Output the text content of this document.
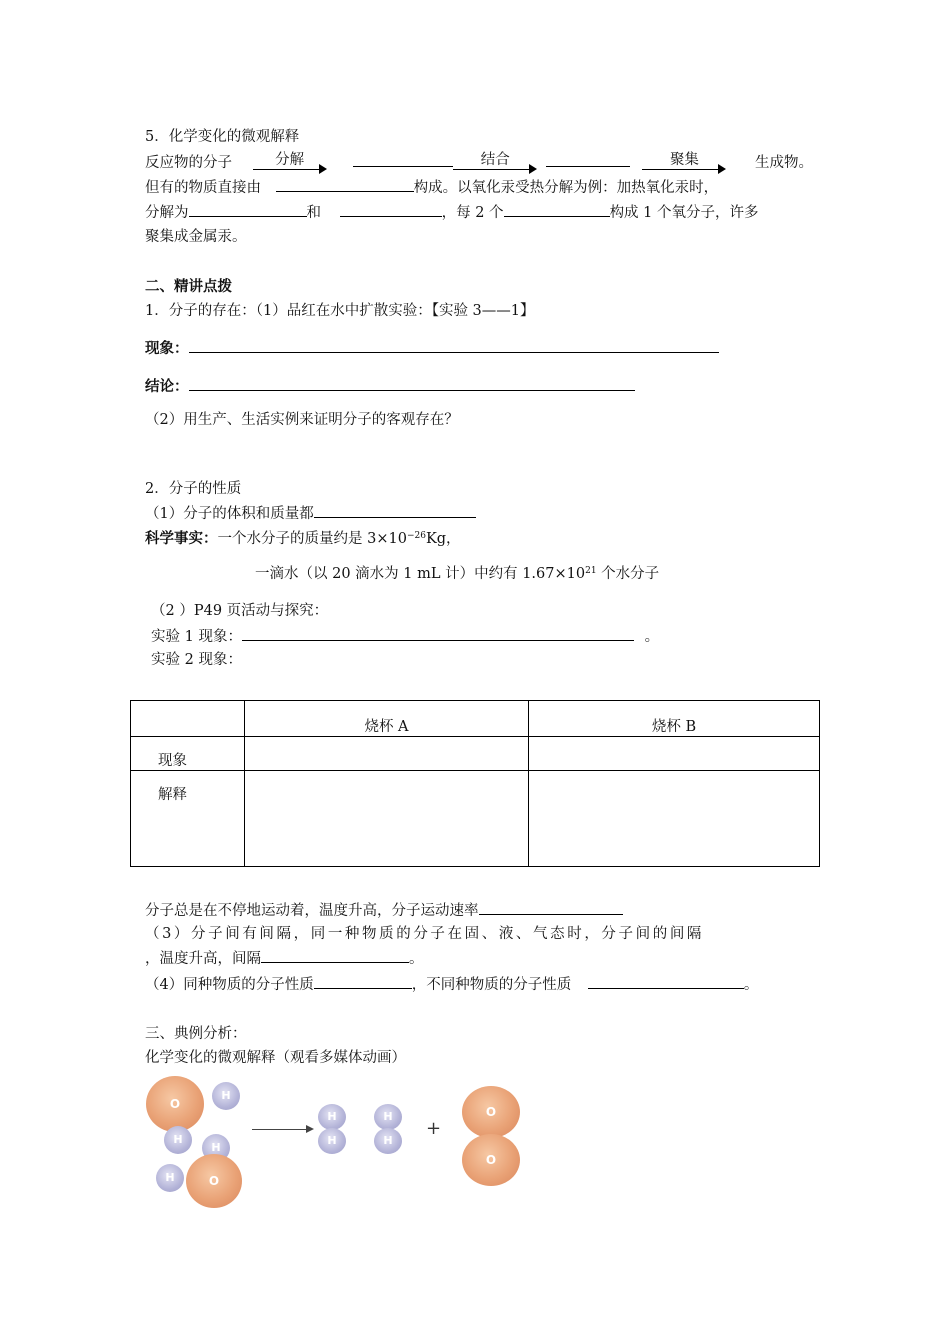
5．化学变化的微观解释
反应物的分子	分解
	结合
	聚集	生成物。
但有的物质直接由	构成。以氧化汞受热分解为例：加热氧化汞时，
分解为	和	，每 2 个	构成 1 个氧分子，许多
聚集成金属汞。
二、精讲点拨
1．分子的存在：（1）品红在水中扩散实验：【实验 3——1】
现象：
结论：
（2）用生产、生活实例来证明分子的客观存在？
2．分子的性质
（1）分子的体积和质量都
科学事实：一个水分子的质量约是 $3\times 10^{-26}Kg$，
一滴水（以 20 滴水为 1 mL 计）中约有 $1.67\times 10^{21}$ 个水分子
（2 ）P49 页活动与探究：
实验 1 现象：	。
实验 2 现象：
	烧杯 A	烧杯 B
现象		
解释		
分子总是在不停地运动着，温度升高，分子运动速率
（3）分子间有间隔，同一种物质的分子在固、液、气态时，分子间的间隔
，温度升高，间隔	。
（4）同种物质的分子性质	，不同种物质的分子性质	。
三、典例分析：
化学变化的微观解释（观看多媒体动画）
O
H
H
H
H	O
H
H
H
H
+
O
O
